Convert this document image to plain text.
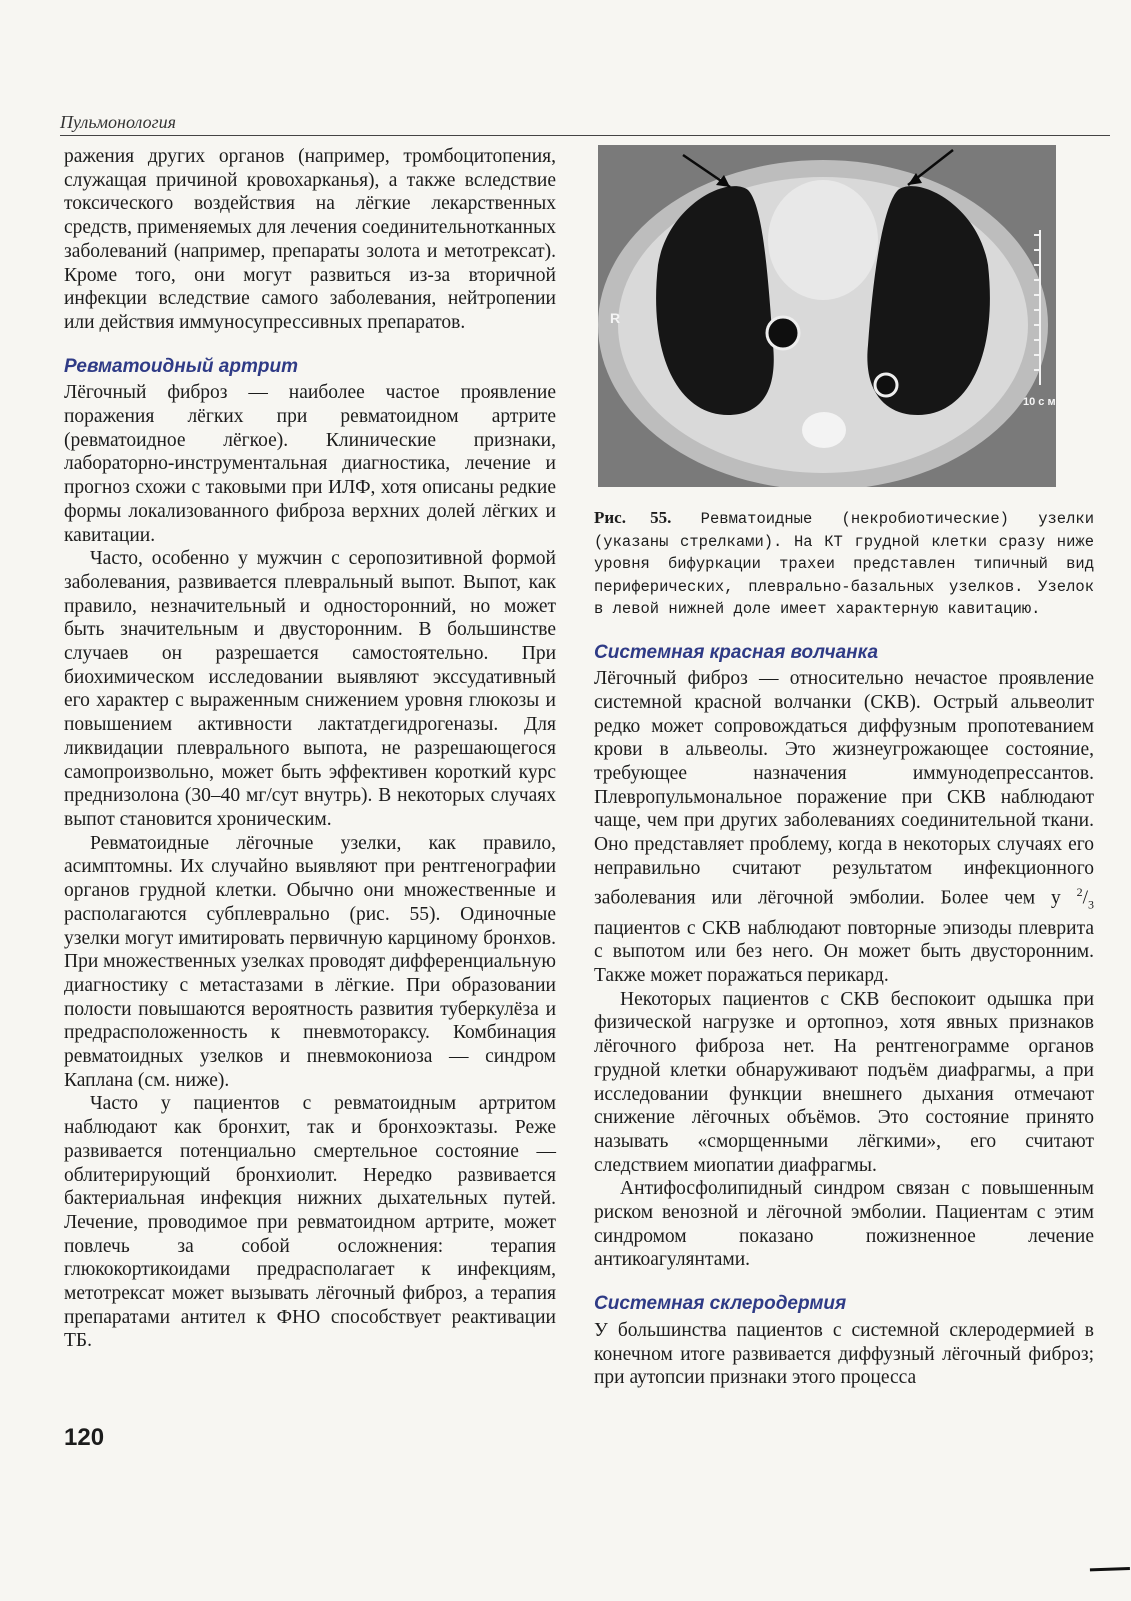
Пульмонология

ражения других органов (например, тромбоцитопения, служащая причиной кровохарканья), а также вследствие токсического воздействия на лёгкие лекарственных средств, применяемых для лечения соединительнотканных заболеваний (например, препараты золота и метотрексат). Кроме того, они могут развиться из-за вторичной инфекции вследствие самого заболевания, нейтропении или действия иммуносупрессивных препаратов.

Ревматоидный артрит

Лёгочный фиброз — наиболее частое проявление поражения лёгких при ревматоидном артрите (ревматоидное лёгкое). Клинические признаки, лабораторно-инструментальная диагностика, лечение и прогноз схожи с таковыми при ИЛФ, хотя описаны редкие формы локализованного фиброза верхних долей лёгких и кавитации.

Часто, особенно у мужчин с серопозитивной формой заболевания, развивается плевральный выпот. Выпот, как правило, незначительный и односторонний, но может быть значительным и двусторонним. В большинстве случаев он разрешается самостоятельно. При биохимическом исследовании выявляют экссудативный его характер с выраженным снижением уровня глюкозы и повышением активности лактатдегидрогеназы. Для ликвидации плеврального выпота, не разрешающегося самопроизвольно, может быть эффективен короткий курс преднизолона (30–40 мг/сут внутрь). В некоторых случаях выпот становится хроническим.

Ревматоидные лёгочные узелки, как правило, асимптомны. Их случайно выявляют при рентгенографии органов грудной клетки. Обычно они множественные и располагаются субплеврально (рис. 55). Одиночные узелки могут имитировать первичную карциному бронхов. При множественных узелках проводят дифференциальную диагностику с метастазами в лёгкие. При образовании полости повышаются вероятность развития туберкулёза и предрасположенность к пневмотораксу. Комбинация ревматоидных узелков и пневмокониоза — синдром Каплана (см. ниже).

Часто у пациентов с ревматоидным артритом наблюдают как бронхит, так и бронхоэктазы. Реже развивается потенциально смертельное состояние — облитерирующий бронхиолит. Нередко развивается бактериальная инфекция нижних дыхательных путей. Лечение, проводимое при ревматоидном артрите, может повлечь за собой осложнения: терапия глюкокортикоидами предрасполагает к инфекциям, метотрексат может вызывать лёгочный фиброз, а терапия препаратами антител к ФНО способствует реактивации ТБ.

R
10 с м
Рис. 55. Ревматоидные (некробиотические) узелки (указаны стрелками). На КТ грудной клетки сразу ниже уровня бифуркации трахеи представлен типичный вид периферических, плеврально-базальных узелков. Узелок в левой нижней доле имеет характерную кавитацию.
Системная красная волчанка

Лёгочный фиброз — относительно нечастое проявление системной красной волчанки (СКВ). Острый альвеолит редко может сопровождаться диффузным пропотеванием крови в альвеолы. Это жизнеугрожающее состояние, требующее назначения иммунодепрессантов. Плевропульмональное поражение при СКВ наблюдают чаще, чем при других заболеваниях соединительной ткани. Оно представляет проблему, когда в некоторых случаях его неправильно считают результатом инфекционного заболевания или лёгочной эмболии. Более чем у $^2/_3$ пациентов с СКВ наблюдают повторные эпизоды плеврита с выпотом или без него. Он может быть двусторонним. Также может поражаться перикард.

Некоторых пациентов с СКВ беспокоит одышка при физической нагрузке и ортопноэ, хотя явных признаков лёгочного фиброза нет. На рентгенограмме органов грудной клетки обнаруживают подъём диафрагмы, а при исследовании функции внешнего дыхания отмечают снижение лёгочных объёмов. Это состояние принято называть «сморщенными лёгкими», его считают следствием миопатии диафрагмы.

Антифосфолипидный синдром связан с повышенным риском венозной и лёгочной эмболии. Пациентам с этим синдромом показано пожизненное лечение антикоагулянтами.

Системная склеродермия

У большинства пациентов с системной склеродермией в конечном итоге развивается диффузный лёгочный фиброз; при аутопсии признаки этого процесса

120
